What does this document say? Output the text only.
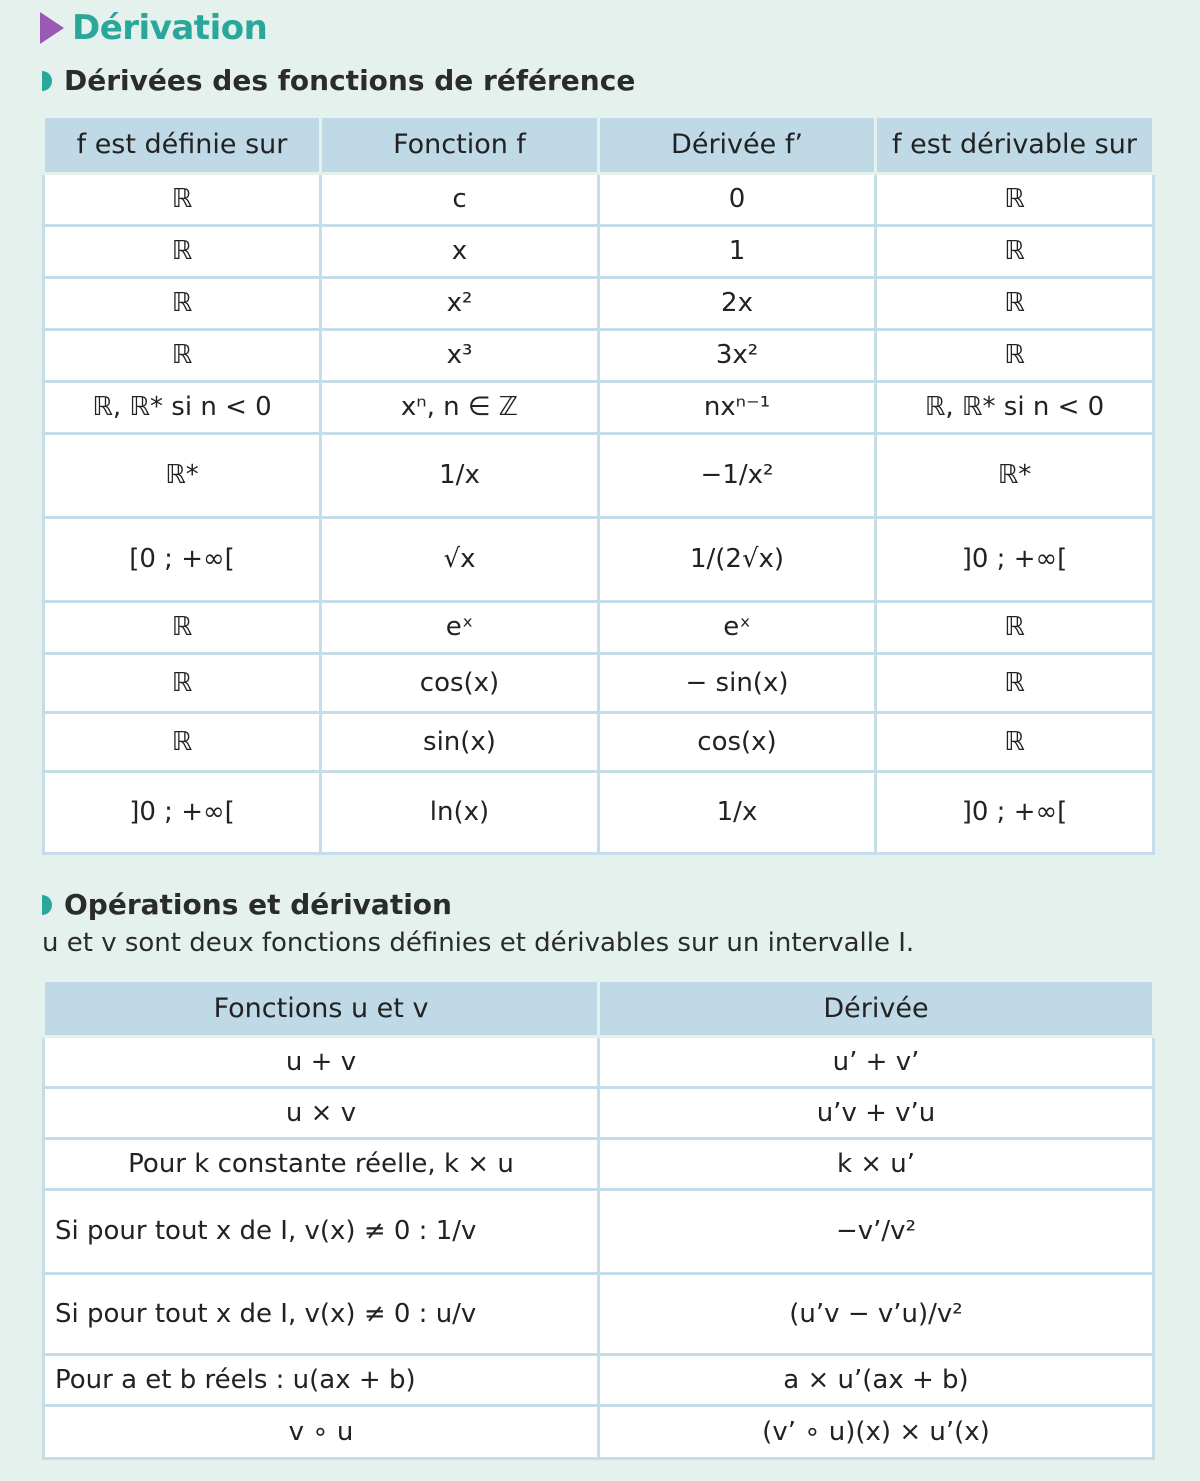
Dérivation
Dérivées des fonctions de référence
f est définie sur	Fonction f	Dérivée f’	f est dérivable sur
ℝ	c	0	ℝ
ℝ	x	1	ℝ
ℝ	x²	2x	ℝ
ℝ	x³	3x²	ℝ
ℝ, ℝ* si n < 0	xⁿ, n ∈ ℤ	nxⁿ⁻¹	ℝ, ℝ* si n < 0
ℝ*	1/x	−1/x²	ℝ*
[0 ; +∞[	√x	1/(2√x)	]0 ; +∞[
ℝ	eˣ	eˣ	ℝ
ℝ	cos(x)	− sin(x)	ℝ
ℝ	sin(x)	cos(x)	ℝ
]0 ; +∞[	ln(x)	1/x	]0 ; +∞[
Opérations et dérivation
u et v sont deux fonctions définies et dérivables sur un intervalle I.
Fonctions u et v	Dérivée
u + v	u’ + v’
u × v	u’v + v’u
Pour k constante réelle, k × u	k × u’
Si pour tout x de I, v(x) ≠ 0 : 1/v	−v’/v²
Si pour tout x de I, v(x) ≠ 0 : u/v	(u’v − v’u)/v²
Pour a et b réels : u(ax + b)	a × u’(ax + b)
v ∘ u	(v’ ∘ u)(x) × u’(x)
